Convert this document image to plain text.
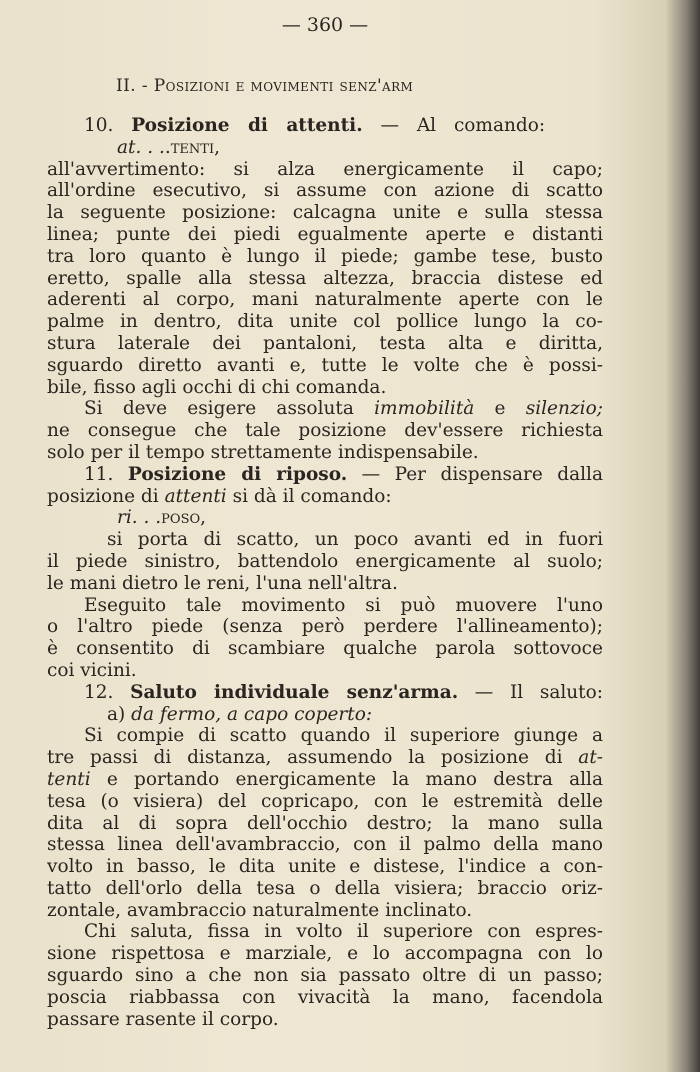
— 360 —
II. - Posizioni e movimenti senz'arm
10. Posizione di attenti. — Al comando:
at. . ..tenti,
all'avvertimento: si alza energicamente il capo;
all'ordine esecutivo, si assume con azione di scatto
la seguente posizione: calcagna unite e sulla stessa
linea; punte dei piedi egualmente aperte e distanti
tra loro quanto è lungo il piede; gambe tese, busto
eretto, spalle alla stessa altezza, braccia distese ed
aderenti al corpo, mani naturalmente aperte con le
palme in dentro, dita unite col pollice lungo la co-
stura laterale dei pantaloni, testa alta e diritta,
sguardo diretto avanti e, tutte le volte che è possi-
bile, fisso agli occhi di chi comanda.
Si deve esigere assoluta immobilità e silenzio;
ne consegue che tale posizione dev'essere richiesta
solo per il tempo strettamente indispensabile.
11. Posizione di riposo. — Per dispensare dalla
posizione di attenti si dà il comando:
ri. . .poso,
si porta di scatto, un poco avanti ed in fuori
il piede sinistro, battendolo energicamente al suolo;
le mani dietro le reni, l'una nell'altra.
Eseguito tale movimento si può muovere l'uno
o l'altro piede (senza però perdere l'allineamento);
è consentito di scambiare qualche parola sottovoce
coi vicini.
12. Saluto individuale senz'arma. — Il saluto:
a) da fermo, a capo coperto:
Si compie di scatto quando il superiore giunge a
tre passi di distanza, assumendo la posizione di at-
tenti e portando energicamente la mano destra alla
tesa (o visiera) del copricapo, con le estremità delle
dita al di sopra dell'occhio destro; la mano sulla
stessa linea dell'avambraccio, con il palmo della mano
volto in basso, le dita unite e distese, l'indice a con-
tatto dell'orlo della tesa o della visiera; braccio oriz-
zontale, avambraccio naturalmente inclinato.
Chi saluta, fissa in volto il superiore con espres-
sione rispettosa e marziale, e lo accompagna con lo
sguardo sino a che non sia passato oltre di un passo;
poscia riabbassa con vivacità la mano, facendola
passare rasente il corpo.
